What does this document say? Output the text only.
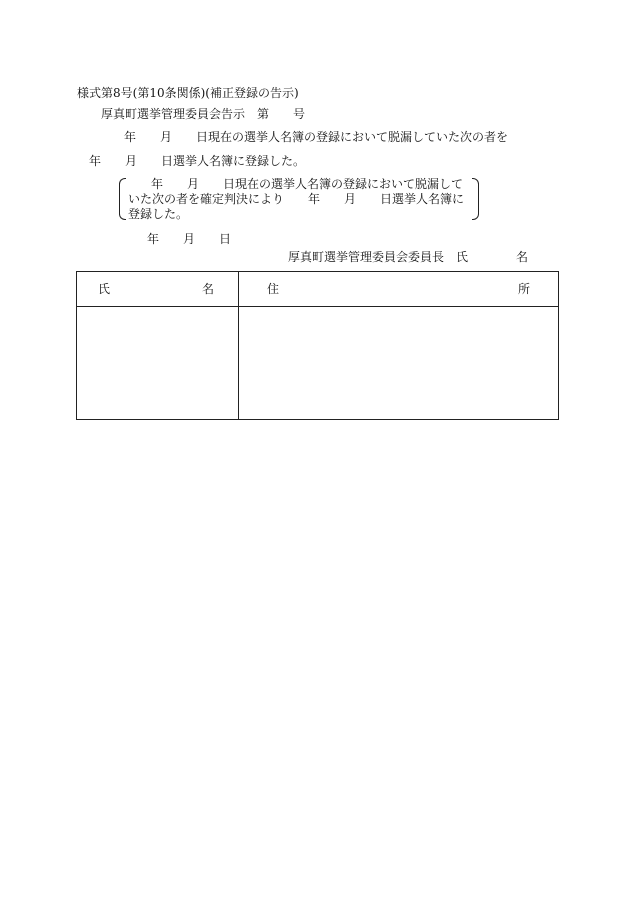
様式第8号(第10条関係)(補正登録の告示)
厚真町選挙管理委員会告示　第　　号
年　　月　　日現在の選挙人名簿の登録において脱漏していた次の者を
年　　月　　日選挙人名簿に登録した。
年　　月　　日現在の選挙人名簿の登録において脱漏して
いた次の者を確定判決により　　年　　月　　日選挙人名簿に
登録した。
年　　月　　日
厚真町選挙管理委員会委員長　氏	名
氏 名	住 所
